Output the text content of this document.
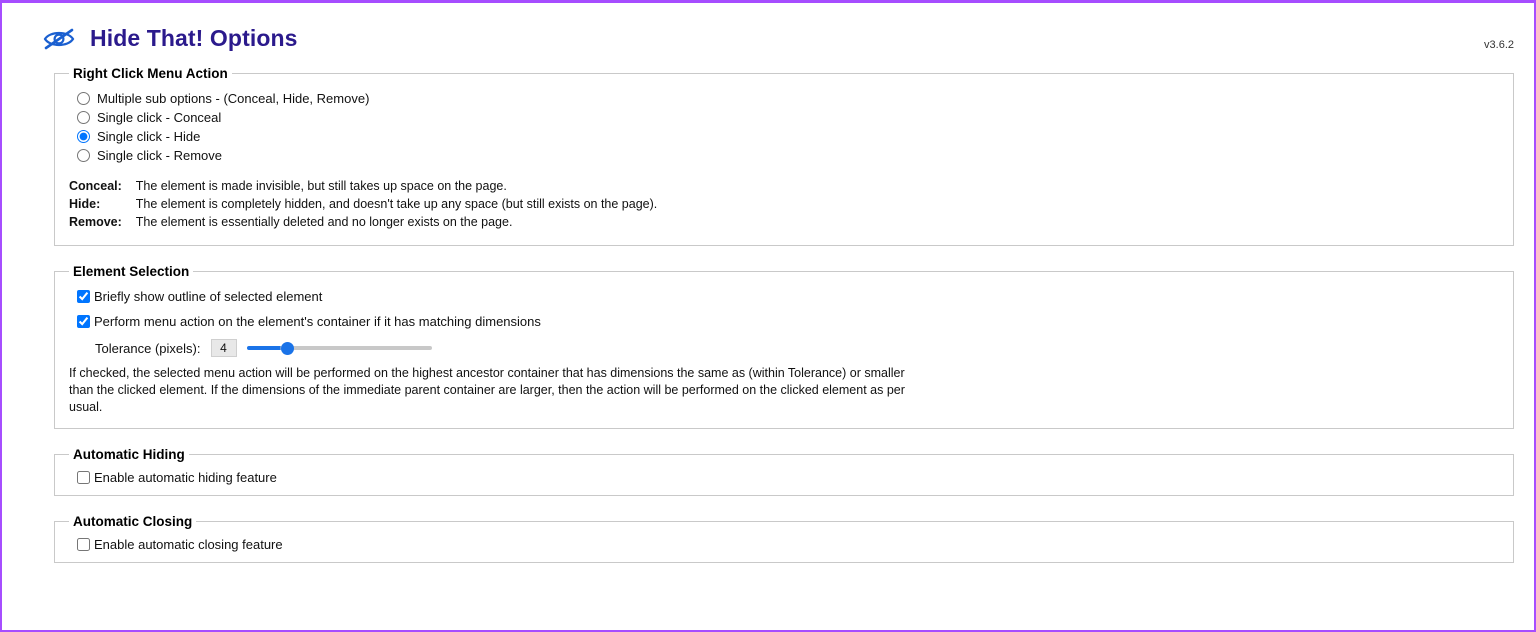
Hide That! Options	v3.6.2
Right Click Menu Action
Multiple sub options - (Conceal, Hide, Remove)
Single click - Conceal
Single click - Hide
Single click - Remove
Conceal:	The element is made invisible, but still takes up space on the page.
Hide:	The element is completely hidden, and doesn't take up any space (but still exists on the page).
Remove:	The element is essentially deleted and no longer exists on the page.
Element Selection
Briefly show outline of selected element
Perform menu action on the element's container if it has matching dimensions
Tolerance (pixels):	4
If checked, the selected menu action will be performed on the highest ancestor container that has dimensions the same as (within Tolerance) or smaller than the clicked element. If the dimensions of the immediate parent container are larger, then the action will be performed on the clicked element as per usual.
Automatic Hiding
Enable automatic hiding feature
Automatic Closing
Enable automatic closing feature
